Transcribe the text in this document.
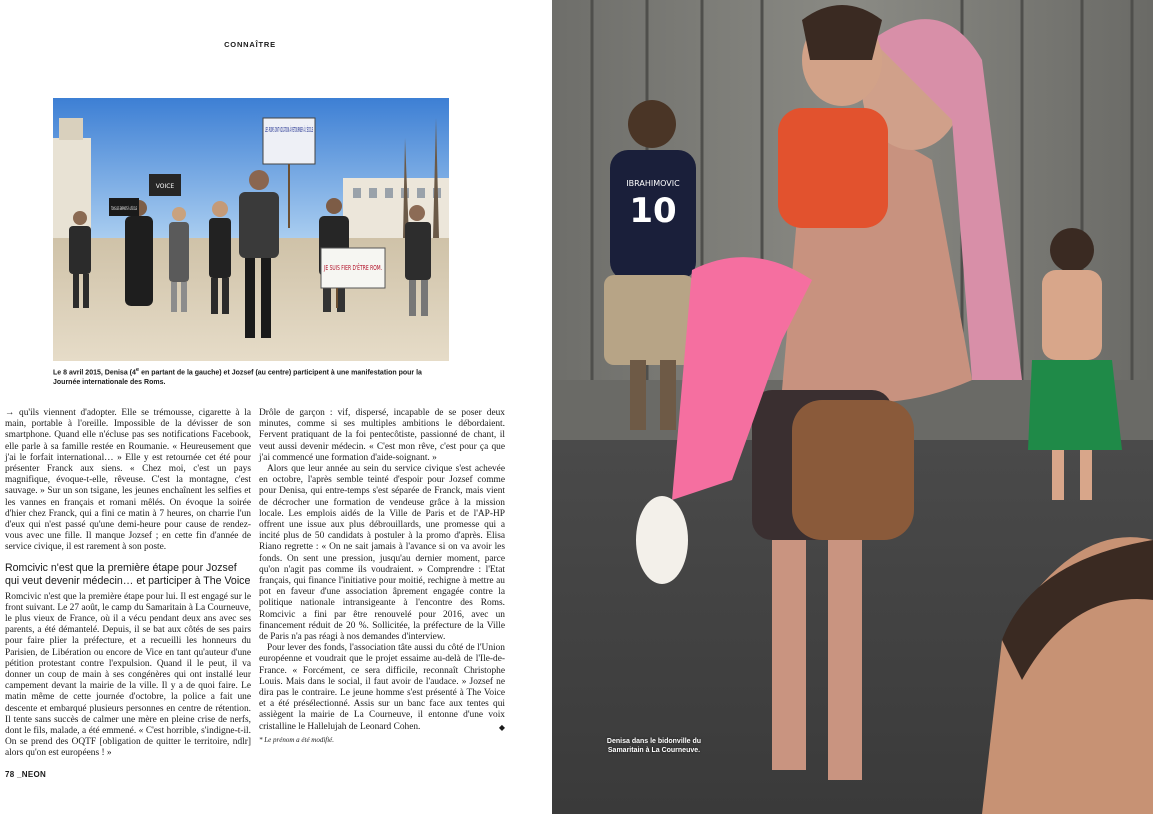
CONNAÎTRE
JE SUIS FIER D'ÊTRE ROM.
TOUS LES ENFANTS À L'ÉCOLE
VOICE
Le 8 avril 2015, Denisa (4e en partant de la gauche) et Jozsef (au centre) participent à une manifestation pour la Journée internationale des Roms.

→ qu'ils viennent d'adopter. Elle se trémousse, cigarette à la main, portable à l'oreille. Impossible de la dévisser de son smartphone. Quand elle n'écluse pas ses notifications Facebook, elle parle à sa famille restée en Roumanie. « Heureusement que j'ai le forfait international… » Elle y est retournée cet été pour présenter Franck aux siens. « Chez moi, c'est un pays magnifique, évoque-t-elle, rêveuse. C'est la montagne, c'est sauvage. » Sur un son tsigane, les jeunes enchaînent les selfies et les vannes en français et romani mêlés. On évoque la soirée d'hier chez Franck, qui a fini ce matin à 7 heures, on charrie l'un d'eux qui n'est passé qu'une demi-heure pour cause de rendez-vous avec une fille. Il manque Jozsef ; en cette fin d'année de service civique, il est rarement à son poste.

Romcivic n'est que la première étape pour Jozsef qui veut devenir médecin… et participer à The Voice

Romcivic n'est que la première étape pour lui. Il est engagé sur le front suivant. Le 27 août, le camp du Samaritain à La Courneuve, le plus vieux de France, où il a vécu pendant deux ans avec ses parents, a été démantelé. Depuis, il se bat aux côtés de ses pairs pour faire plier la préfecture, et a recueilli les honneurs du Parisien, de Libération ou encore de Vice en tant qu'auteur d'une pétition protestant contre l'expulsion. Quand il le peut, il va donner un coup de main à ses congénères qui ont installé leur campement devant la mairie de la ville. Il y a de quoi faire. Le matin même de cette journée d'octobre, la police a fait une descente et embarqué plusieurs personnes en centre de rétention. Il tente sans succès de calmer une mère en pleine crise de nerfs, dont le fils, malade, a été emmené. « C'est horrible, s'indigne-t-il. On se prend des OQTF [obligation de quitter le territoire, ndlr] alors qu'on est européens ! »

Drôle de garçon : vif, dispersé, incapable de se poser deux minutes, comme si ses multiples ambitions le débordaient. Fervent pratiquant de la foi pentecôtiste, passionné de chant, il veut aussi devenir médecin. « C'est mon rêve, c'est pour ça que j'ai commencé une formation d'aide-soignant. »

Alors que leur année au sein du service civique s'est achevée en octobre, l'après semble teinté d'espoir pour Jozsef comme pour Denisa, qui entre-temps s'est séparée de Franck, mais vient de décrocher une formation de vendeuse grâce à la mission locale. Les emplois aidés de la Ville de Paris et de l'AP-HP offrent une issue aux plus débrouillards, une promesse qui a incité plus de 50 candidats à postuler à la promo d'après. Elisa Riano regrette : « On ne sait jamais à l'avance si on va avoir les fonds. On sent une pression, jusqu'au dernier moment, parce qu'on n'agit pas comme ils voudraient. » Comprendre : l'Etat français, qui finance l'initiative pour moitié, rechigne à mettre au pot en faveur d'une association âprement engagée contre la politique nationale intransigeante à l'encontre des Roms. Romcivic a fini par être renouvelé pour 2016, avec un financement réduit de 20 %. Sollicitée, la préfecture de la Ville de Paris n'a pas réagi à nos demandes d'interview.

Pour lever des fonds, l'association tâte aussi du côté de l'Union européenne et voudrait que le projet essaime au-delà de l'Ile-de-France. « Forcément, ce sera difficile, reconnaît Christophe Louis. Mais dans le social, il faut avoir de l'audace. » Jozsef ne dira pas le contraire. Le jeune homme s'est présenté à The Voice et a été présélectionné. Assis sur un banc face aux tentes qui assiègent la mairie de La Courneuve, il entonne d'une voix cristalline le Hallelujah de Leonard Cohen.	◆

* Le prénom a été modifié.
78 _NEON
10
IBRAHIMOVIC
Denisa dans le bidonville du Samaritain à La Courneuve.
